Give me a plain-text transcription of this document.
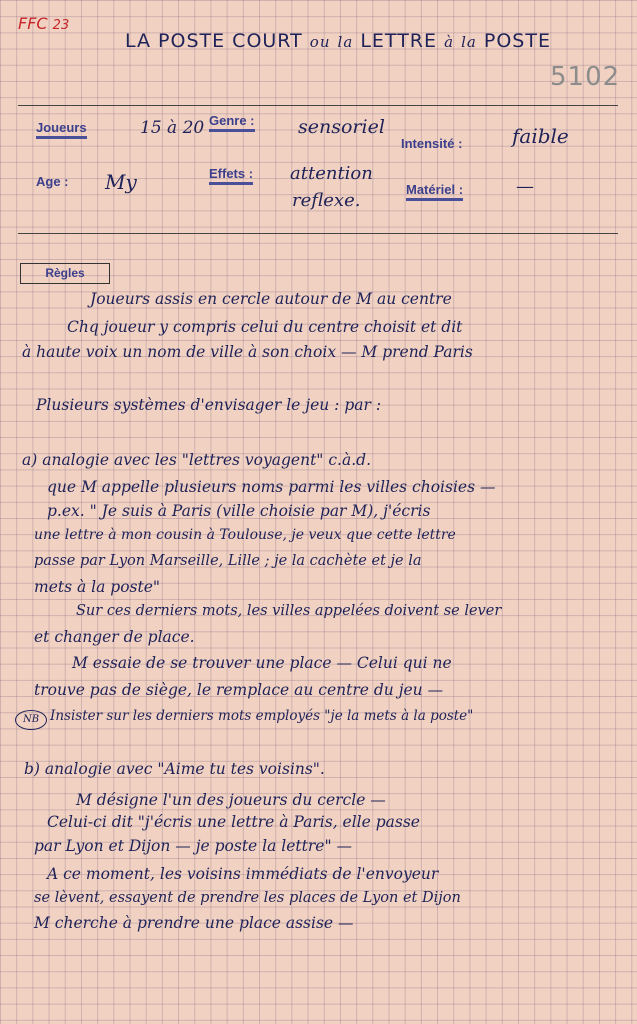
FFC 23
LA POSTE COURT ou la LETTRE à la POSTE
5102
Joueurs	15 à 20 Genre : sensoriel
Intensité : faible
Age : My	Effets : attention
reflexe.
Matériel :	—
Règles
Joueurs assis en cercle autour de M au centre
Chq joueur y compris celui du centre choisit et dit
à haute voix un nom de ville à son choix — M prend Paris
Plusieurs systèmes d'envisager le jeu : par :
a) analogie avec les "lettres voyagent" c.à.d.
que M appelle plusieurs noms parmi les villes choisies —
p.ex. " Je suis à Paris (ville choisie par M), j'écris
une lettre à mon cousin à Toulouse, je veux que cette lettre
passe par Lyon Marseille, Lille ; je la cachète et je la
mets à la poste"
Sur ces derniers mots, les villes appelées doivent se lever
et changer de place.
M essaie de se trouver une place — Celui qui ne
trouve pas de siège, le remplace au centre du jeu —
NB Insister sur les derniers mots employés "je la mets à la poste"
b) analogie avec "Aime tu tes voisins".
M désigne l'un des joueurs du cercle —
Celui-ci dit "j'écris une lettre à Paris, elle passe
par Lyon et Dijon — je poste la lettre" —
A ce moment, les voisins immédiats de l'envoyeur
se lèvent, essayent de prendre les places de Lyon et Dijon
M cherche à prendre une place assise —
